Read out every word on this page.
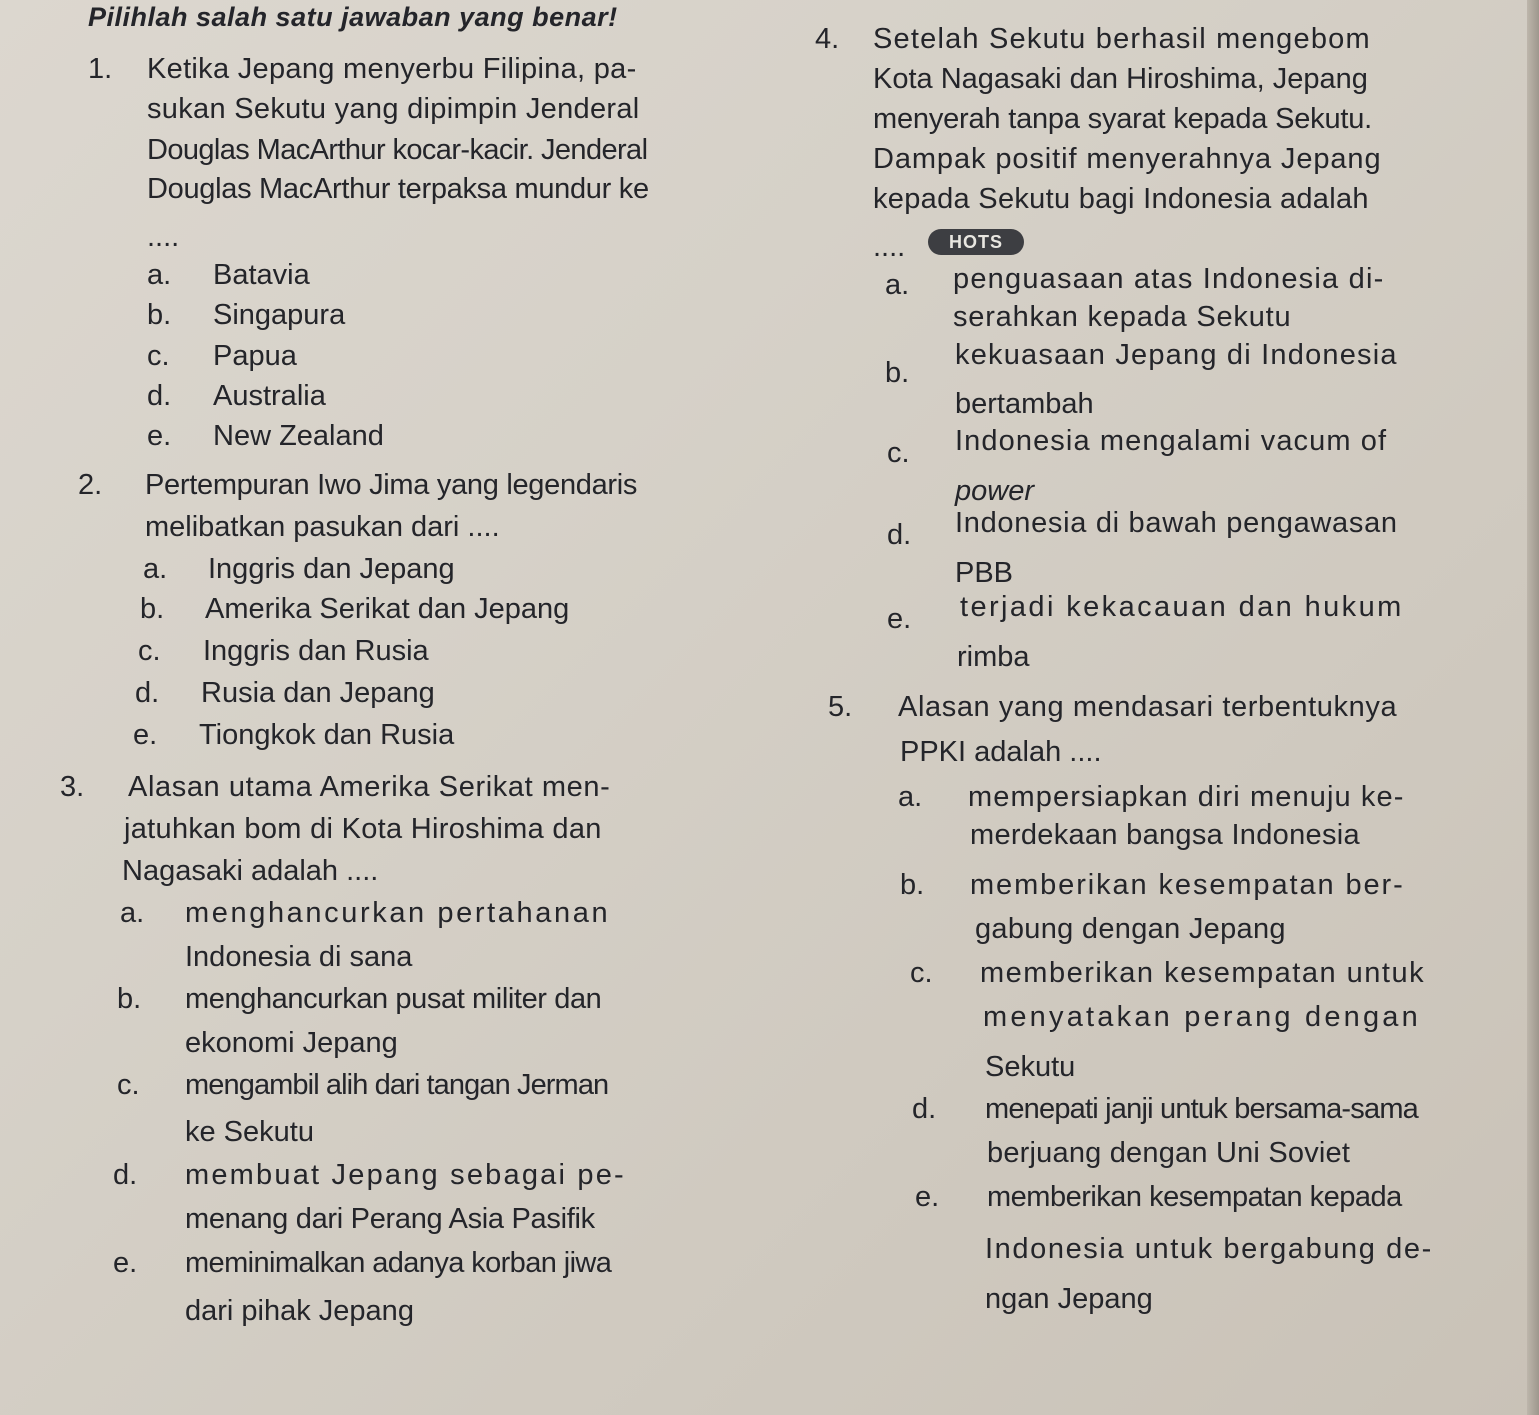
Pilihlah salah satu jawaban yang benar!
1. Ketika Jepang menyerbu Filipina, pa-
sukan Sekutu yang dipimpin Jenderal
Douglas MacArthur kocar-kacir. Jenderal
Douglas MacArthur terpaksa mundur ke
....
a. Batavia
b. Singapura
c. Papua
d. Australia
e. New Zealand
2. Pertempuran Iwo Jima yang legendaris
melibatkan pasukan dari ....
a. Inggris dan Jepang
b. Amerika Serikat dan Jepang
c. Inggris dan Rusia
d. Rusia dan Jepang
e. Tiongkok dan Rusia
3. Alasan utama Amerika Serikat men-
jatuhkan bom di Kota Hiroshima dan
Nagasaki adalah ....
a. menghancurkan pertahanan
Indonesia di sana
b. menghancurkan pusat militer dan
ekonomi Jepang
c. mengambil alih dari tangan Jerman
ke Sekutu
d. membuat Jepang sebagai pe-
menang dari Perang Asia Pasifik
e. meminimalkan adanya korban jiwa
dari pihak Jepang
4. Setelah Sekutu berhasil mengebom
Kota Nagasaki dan Hiroshima, Jepang
menyerah tanpa syarat kepada Sekutu.
Dampak positif menyerahnya Jepang
kepada Sekutu bagi Indonesia adalah
....	HOTS
a. penguasaan atas Indonesia di-
serahkan kepada Sekutu
b.
kekuasaan Jepang di Indonesia
bertambah
c. Indonesia mengalami vacum of
power
d. Indonesia di bawah pengawasan
PBB
e. terjadi kekacauan dan hukum
rimba
5. Alasan yang mendasari terbentuknya
PPKI adalah ....
a. mempersiapkan diri menuju ke-
merdekaan bangsa Indonesia
b. memberikan kesempatan ber-
gabung dengan Jepang
c. memberikan kesempatan untuk
menyatakan perang dengan
Sekutu
d. menepati janji untuk bersama-sama
berjuang dengan Uni Soviet
e. memberikan kesempatan kepada
Indonesia untuk bergabung de-
ngan Jepang
